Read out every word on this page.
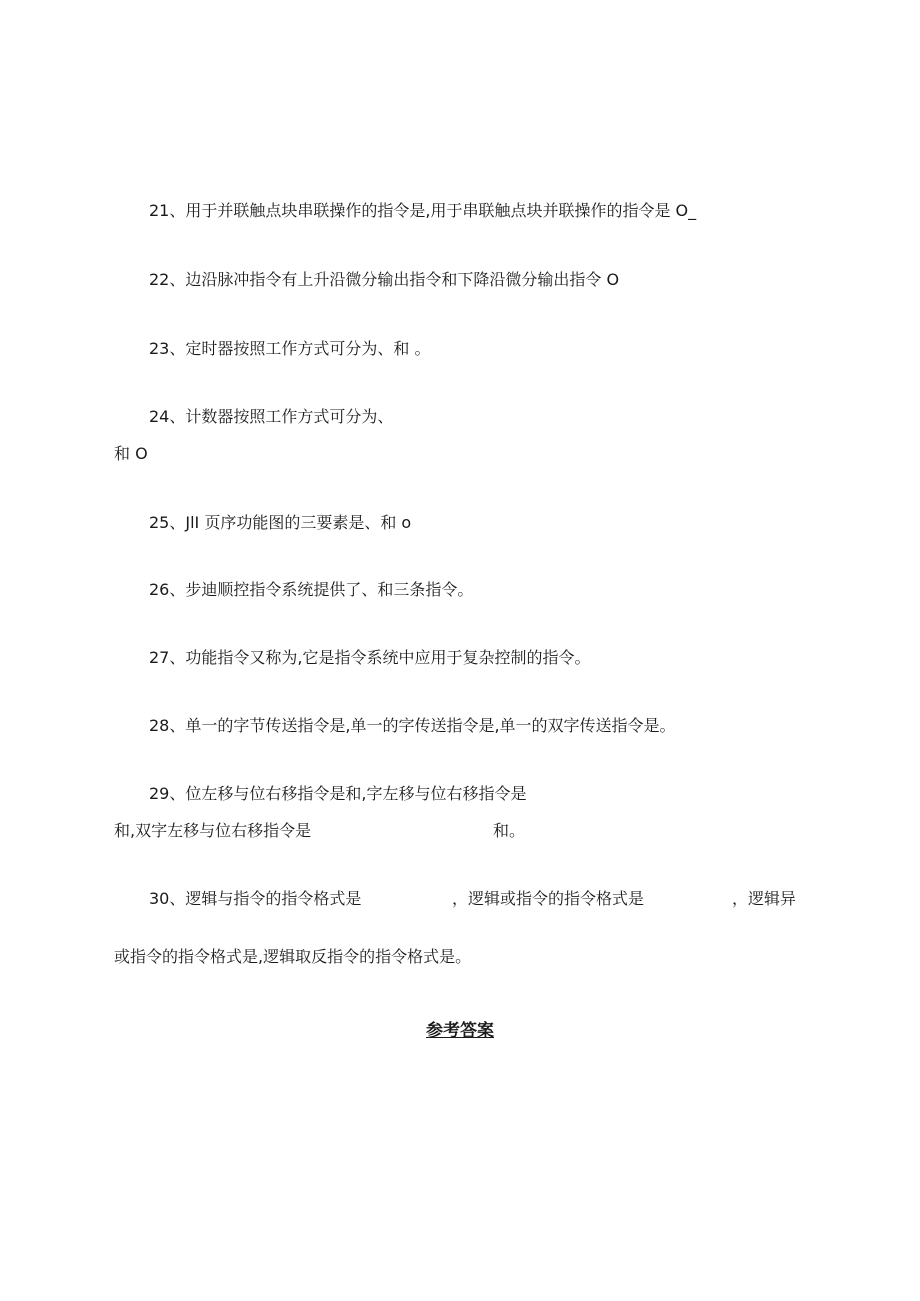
21、用于并联触点块串联操作的指令是,用于串联触点块并联操作的指令是 O_

22、边沿脉冲指令有上升沿微分输出指令和下降沿微分输出指令 O

23、定时器按照工作方式可分为、和 。

24、计数器按照工作方式可分为、

和 O

25、JlI 页序功能图的三要素是、和 o

26、步迪顺控指令系统提供了、和三条指令。

27、功能指令又称为,它是指令系统中应用于复杂控制的指令。

28、单一的字节传送指令是,单一的字传送指令是,单一的双字传送指令是。

29、位左移与位右移指令是和,字左移与位右移指令是

和,双字左移与位右移指令是	和。

30、逻辑与指令的指令格式是	，逻辑或指令的指令格式是	，逻辑异

或指令的指令格式是,逻辑取反指令的指令格式是。

参考答案
